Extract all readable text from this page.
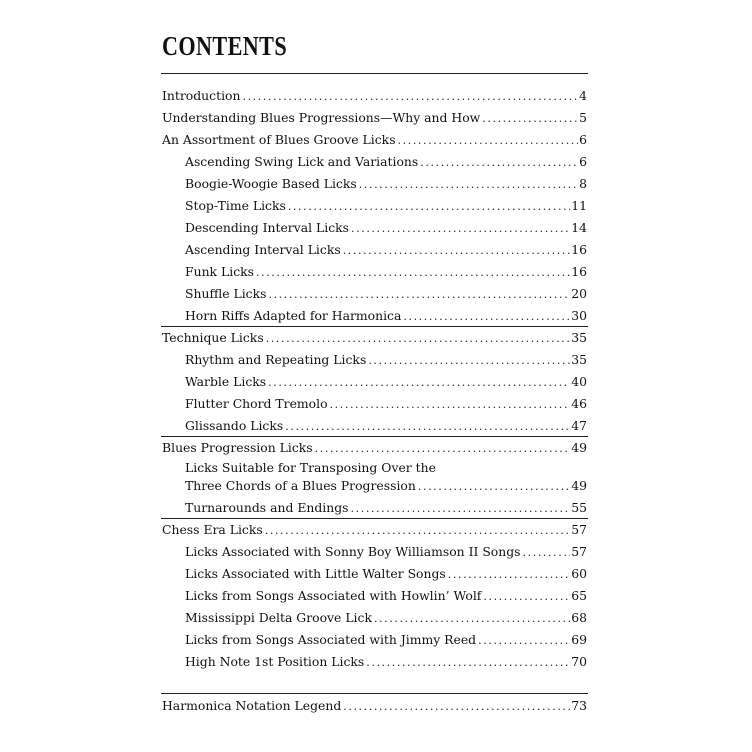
CONTENTS
Introduction .....	4
Understanding Blues Progressions—Why and How .....	5
An Assortment of Blues Groove Licks .....	6
Ascending Swing Lick and Variations .....	6
Boogie-Woogie Based Licks .....	8
Stop-Time Licks .....	11
Descending Interval Licks .....	14
Ascending Interval Licks .....	16
Funk Licks .....	16
Shuffle Licks .....	20
Horn Riffs Adapted for Harmonica .....	30
Technique Licks .....	35
Rhythm and Repeating Licks .....	35
Warble Licks .....	40
Flutter Chord Tremolo .....	46
Glissando Licks .....	47
Blues Progression Licks .....	49
Licks Suitable for Transposing Over the
Three Chords of a Blues Progression .....	49
Turnarounds and Endings .....	55
Chess Era Licks .....	57
Licks Associated with Sonny Boy Williamson II Songs .....	57
Licks Associated with Little Walter Songs .....	60
Licks from Songs Associated with Howlin’ Wolf .....	65
Mississippi Delta Groove Lick .....	68
Licks from Songs Associated with Jimmy Reed .....	69
High Note 1st Position Licks .....	70
Harmonica Notation Legend .....	73
